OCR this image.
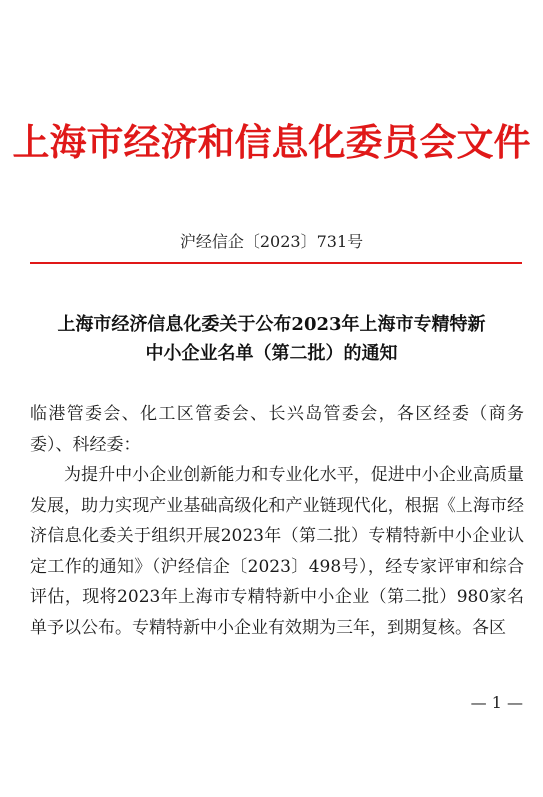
上海市经济和信息化委员会文件
沪经信企〔2023〕731号
上海市经济信息化委关于公布2023年上海市专精特新
中小企业名单（第二批）的通知

临港管委会、化工区管委会、长兴岛管委会，各区经委（商务委）、科经委：

为提升中小企业创新能力和专业化水平，促进中小企业高质量发展，助力实现产业基础高级化和产业链现代化，根据《上海市经济信息化委关于组织开展2023年（第二批）专精特新中小企业认定工作的通知》（沪经信企〔2023〕498号），经专家评审和综合评估，现将2023年上海市专精特新中小企业（第二批）980家名单予以公布。专精特新中小企业有效期为三年，到期复核。各区

— 1 —
